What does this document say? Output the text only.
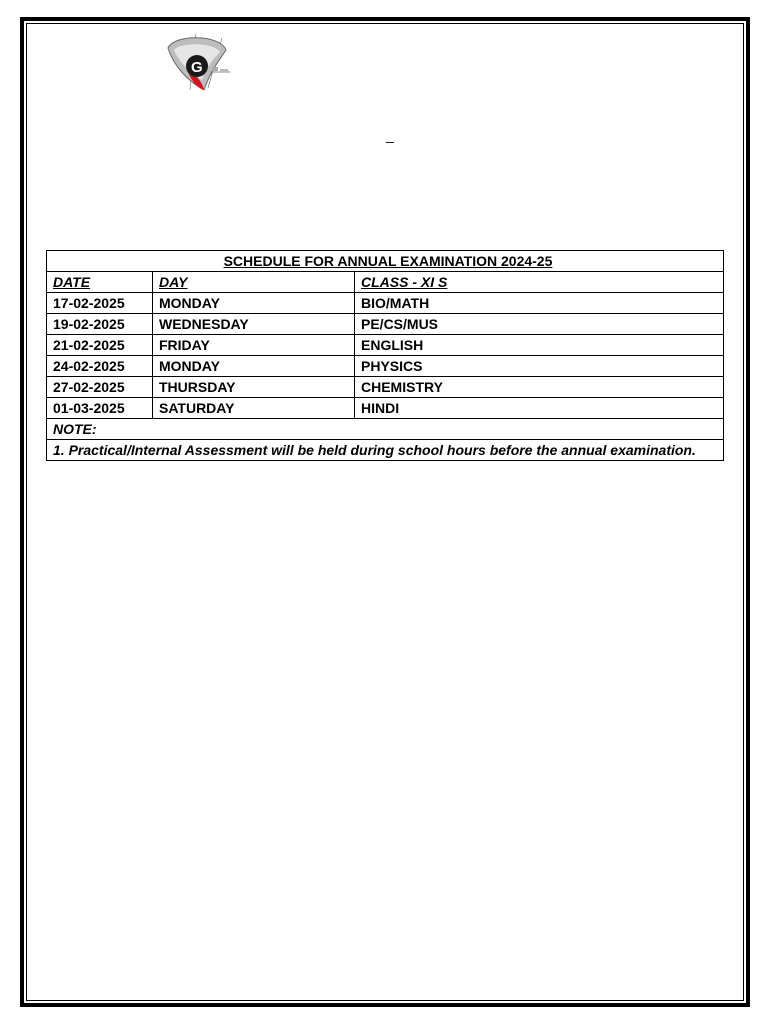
G
_
SCHEDULE FOR ANNUAL EXAMINATION 2024-25		
DATE	DAY	CLASS - XI S
17-02-2025	MONDAY	BIO/MATH
19-02-2025	WEDNESDAY	PE/CS/MUS
21-02-2025	FRIDAY	ENGLISH
24-02-2025	MONDAY	PHYSICS
27-02-2025	THURSDAY	CHEMISTRY
01-03-2025	SATURDAY	HINDI
NOTE:		
1. Practical/Internal Assessment will be held during school hours before the annual examination.		
